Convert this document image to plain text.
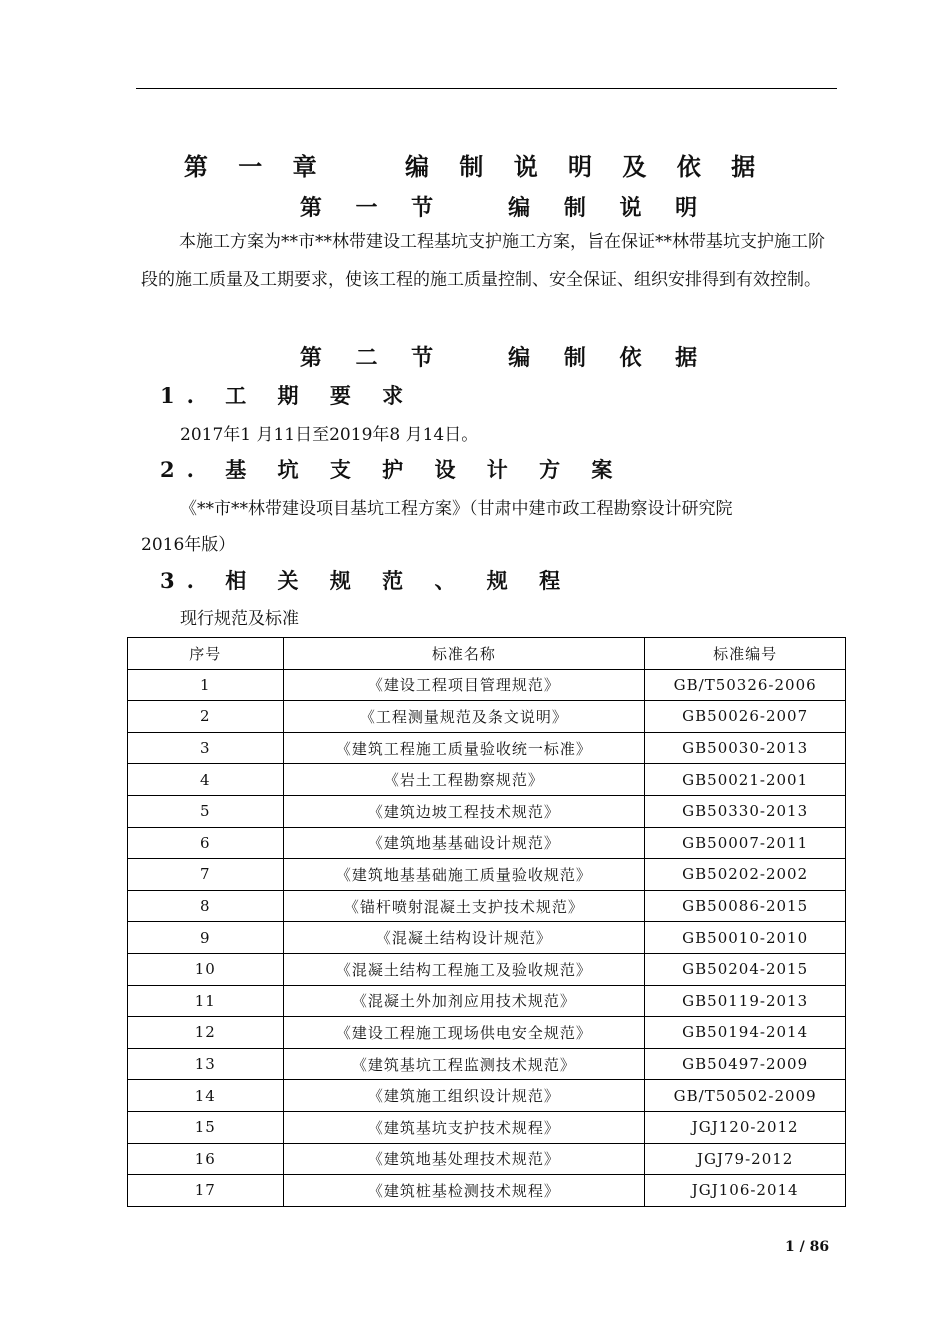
第 一 章    编 制 说 明 及 依 据
第 一 节   编 制 说 明
本施工方案为**市**林带建设工程基坑支护施工方案，旨在保证**林带基坑支护施工阶段的施工质量及工期要求，使该工程的施工质量控制、安全保证、组织安排得到有效控制。
第 二 节   编 制 依 据
1. 工 期 要 求
2017年1 月11日至2019年8 月14日。
2. 基 坑 支 护 设 计 方 案
《**市**林带建设项目基坑工程方案》（甘肃中建市政工程勘察设计研究院
2016年版）
3. 相 关 规 范 、 规 程
现行规范及标准
序号	标准名称	标准编号
1	《建设工程项目管理规范》	GB/T50326-2006
2	《工程测量规范及条文说明》	GB50026-2007
3	《建筑工程施工质量验收统一标准》	GB50030-2013
4	《岩土工程勘察规范》	GB50021-2001
5	《建筑边坡工程技术规范》	GB50330-2013
6	《建筑地基基础设计规范》	GB50007-2011
7	《建筑地基基础施工质量验收规范》	GB50202-2002
8	《锚杆喷射混凝土支护技术规范》	GB50086-2015
9	《混凝土结构设计规范》	GB50010-2010
10	《混凝土结构工程施工及验收规范》	GB50204-2015
11	《混凝土外加剂应用技术规范》	GB50119-2013
12	《建设工程施工现场供电安全规范》	GB50194-2014
13	《建筑基坑工程监测技术规范》	GB50497-2009
14	《建筑施工组织设计规范》	GB/T50502-2009
15	《建筑基坑支护技术规程》	JGJ120-2012
16	《建筑地基处理技术规范》	JGJ79-2012
17	《建筑桩基检测技术规程》	JGJ106-2014
1 / 86
